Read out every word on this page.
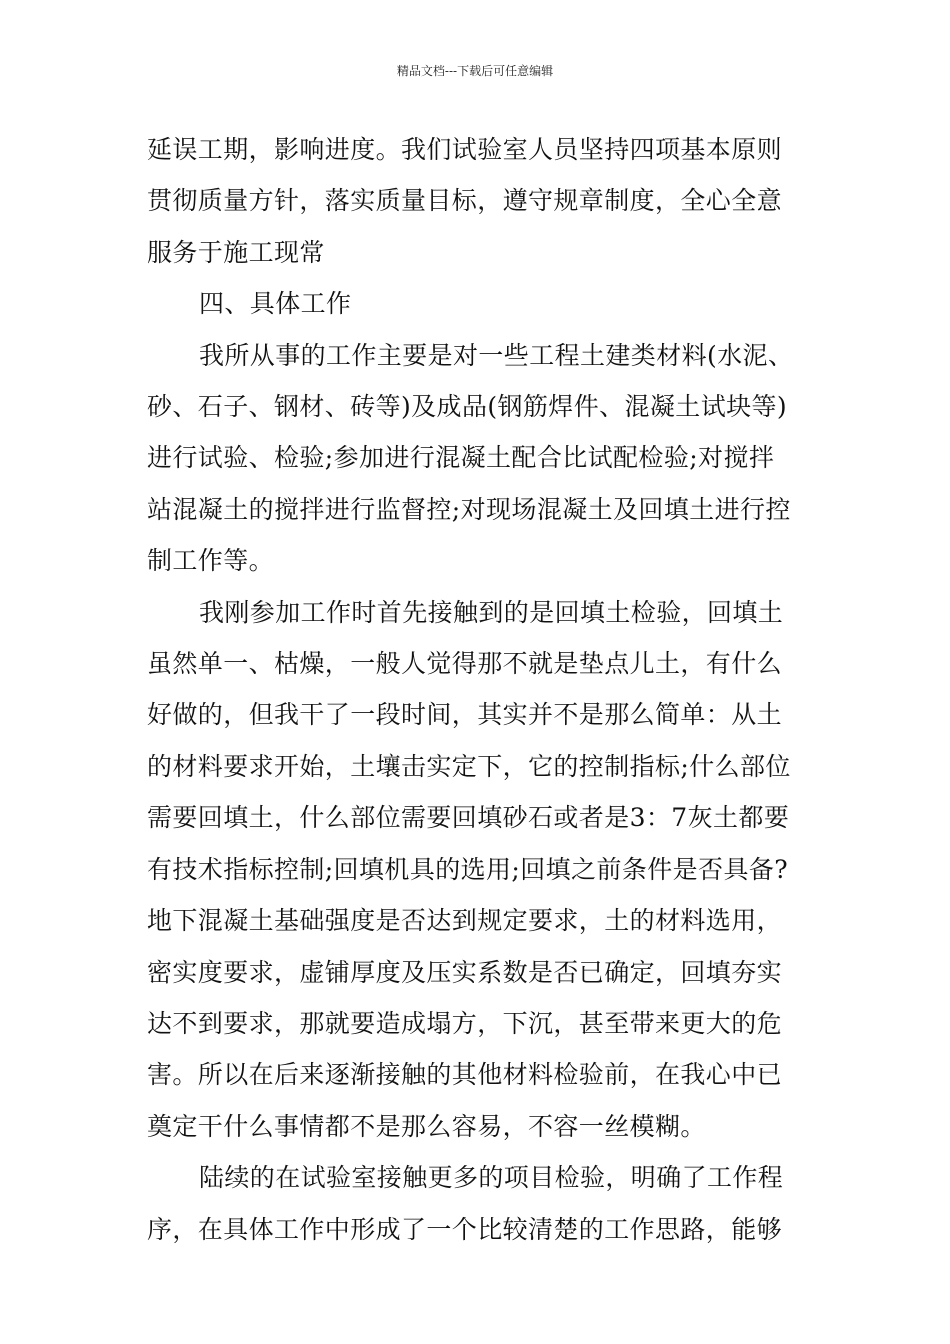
精品文档---下载后可任意编辑

延误工期，影响进度。我们试验室人员坚持四项基本原则
贯彻质量方针，落实质量目标，遵守规章制度，全心全意
服务于施工现常

四、具体工作

我所从事的工作主要是对一些工程土建类材料(水泥、
砂、石子、钢材、砖等)及成品(钢筋焊件、混凝土试块等)
进行试验、检验;参加进行混凝土配合比试配检验;对搅拌
站混凝土的搅拌进行监督控;对现场混凝土及回填土进行控
制工作等。

我刚参加工作时首先接触到的是回填土检验，回填土
虽然单一、枯燥，一般人觉得那不就是垫点儿土，有什么
好做的，但我干了一段时间，其实并不是那么简单：从土
的材料要求开始，土壤击实定下，它的控制指标;什么部位
需要回填土，什么部位需要回填砂石或者是3：7灰土都要
有技术指标控制;回填机具的选用;回填之前条件是否具备?
地下混凝土基础强度是否达到规定要求，土的材料选用，
密实度要求，虚铺厚度及压实系数是否已确定，回填夯实
达不到要求，那就要造成塌方，下沉，甚至带来更大的危
害。所以在后来逐渐接触的其他材料检验前，在我心中已
奠定干什么事情都不是那么容易，不容一丝模糊。

陆续的在试验室接触更多的项目检验，明确了工作程
序，在具体工作中形成了一个比较清楚的工作思路，能够
